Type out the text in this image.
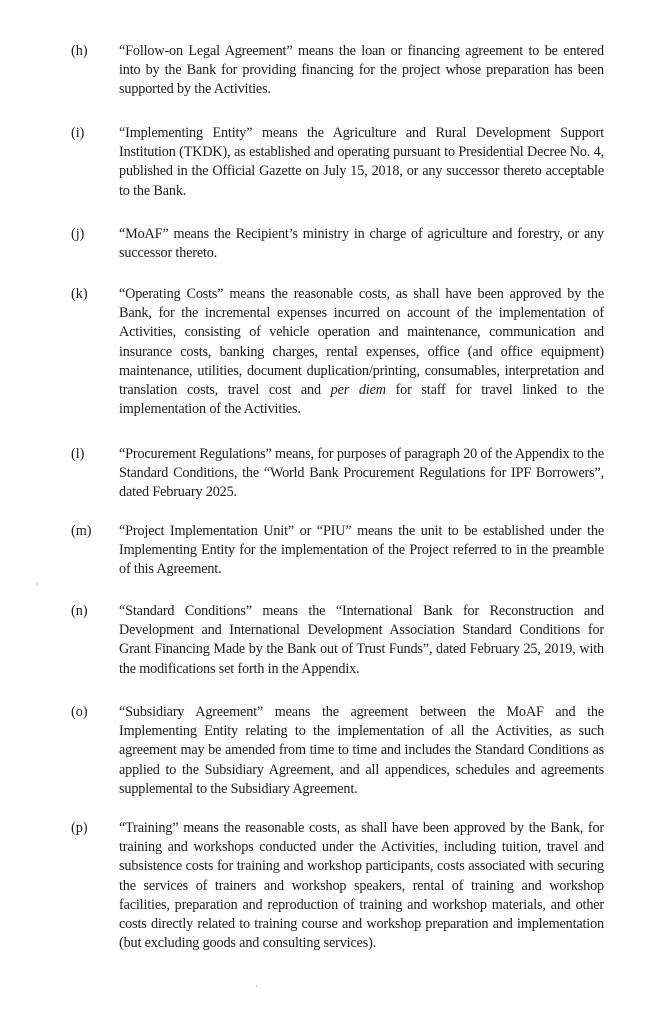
(h) “Follow-on Legal Agreement” means the loan or financing agreement to be entered into by the Bank for providing financing for the project whose preparation has been supported by the Activities.
(i) “Implementing Entity” means the Agriculture and Rural Development Support Institution (TKDK), as established and operating pursuant to Presidential Decree No. 4, published in the Official Gazette on July 15, 2018, or any successor thereto acceptable to the Bank.
(j) “MoAF” means the Recipient’s ministry in charge of agriculture and forestry, or any successor thereto.
(k) “Operating Costs” means the reasonable costs, as shall have been approved by the Bank, for the incremental expenses incurred on account of the implementation of Activities, consisting of vehicle operation and maintenance, communication and insurance costs, banking charges, rental expenses, office (and office equipment) maintenance, utilities, document duplication/printing, consumables, interpretation and translation costs, travel cost and per diem for staff for travel linked to the implementation of the Activities.
(l) “Procurement Regulations” means, for purposes of paragraph 20 of the Appendix to the Standard Conditions, the “World Bank Procurement Regulations for IPF Borrowers”, dated February 2025.
(m) “Project Implementation Unit” or “PIU” means the unit to be established under the Implementing Entity for the implementation of the Project referred to in the preamble of this Agreement.
(n) “Standard Conditions” means the “International Bank for Reconstruction and Development and International Development Association Standard Conditions for Grant Financing Made by the Bank out of Trust Funds”, dated February 25, 2019, with the modifications set forth in the Appendix.
(o) “Subsidiary Agreement” means the agreement between the MoAF and the Implementing Entity relating to the implementation of all the Activities, as such agreement may be amended from time to time and includes the Standard Conditions as applied to the Subsidiary Agreement, and all appendices, schedules and agreements supplemental to the Subsidiary Agreement.
(p) “Training” means the reasonable costs, as shall have been approved by the Bank, for training and workshops conducted under the Activities, including tuition, travel and subsistence costs for training and workshop participants, costs associated with securing the services of trainers and workshop speakers, rental of training and workshop facilities, preparation and reproduction of training and workshop materials, and other costs directly related to training course and workshop preparation and implementation (but excluding goods and consulting services).
